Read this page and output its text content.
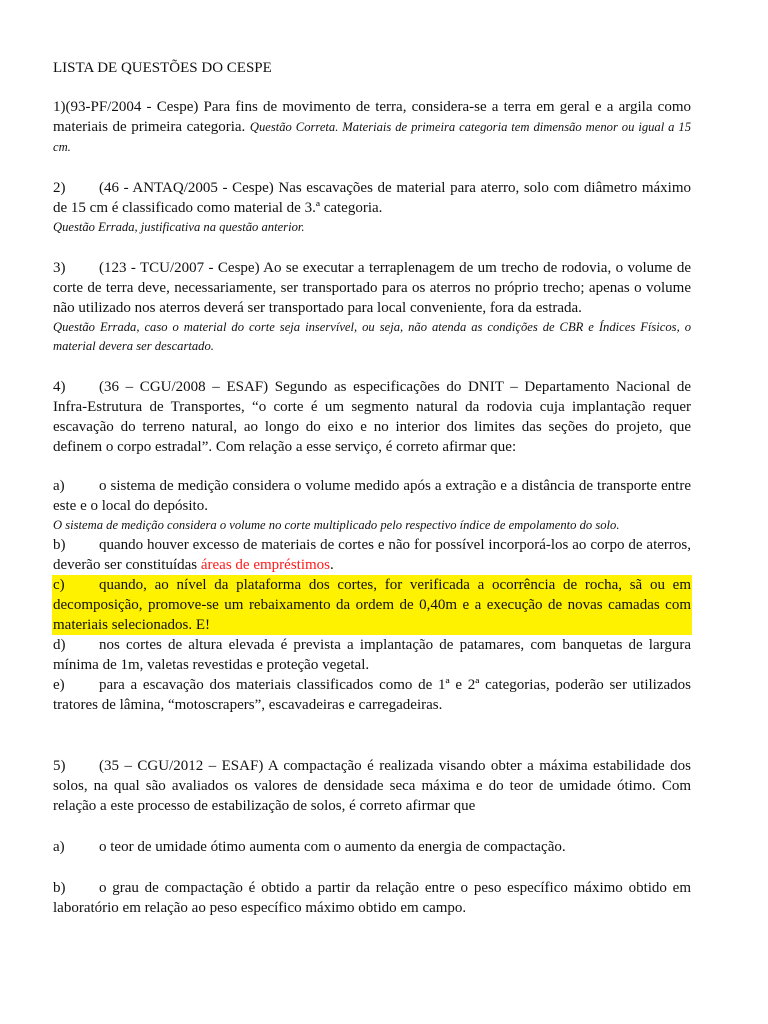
LISTA DE QUESTÕES DO CESPE

1)(93-PF/2004 - Cespe) Para fins de movimento de terra, considera-se a terra em geral e a argila como materiais de primeira categoria. Questão Correta. Materiais de primeira categoria tem dimensão menor ou igual a 15 cm.

2) (46 - ANTAQ/2005 - Cespe) Nas escavações de material para aterro, solo com diâmetro máximo de 15 cm é classificado como material de 3.ª categoria.

Questão Errada, justificativa na questão anterior.

3) (123 - TCU/2007 - Cespe) Ao se executar a terraplenagem de um trecho de rodovia, o volume de corte de terra deve, necessariamente, ser transportado para os aterros no próprio trecho; apenas o volume não utilizado nos aterros deverá ser transportado para local conveniente, fora da estrada.

Questão Errada, caso o material do corte seja inservível, ou seja, não atenda as condições de CBR e Índices Físicos, o material devera ser descartado.

4) (36 – CGU/2008 – ESAF) Segundo as especificações do DNIT – Departamento Nacional de Infra-Estrutura de Transportes, “o corte é um segmento natural da rodovia cuja implantação requer escavação do terreno natural, ao longo do eixo e no interior dos limites das seções do projeto, que definem o corpo estradal”. Com relação a esse serviço, é correto afirmar que:

a) o sistema de medição considera o volume medido após a extração e a distância de transporte entre este e o local do depósito.

O sistema de medição considera o volume no corte multiplicado pelo respectivo índice de empolamento do solo.

b) quando houver excesso de materiais de cortes e não for possível incorporá-los ao corpo de aterros, deverão ser constituídas áreas de empréstimos.

c) quando, ao nível da plataforma dos cortes, for verificada a ocorrência de rocha, sã ou em decomposição, promove-se um rebaixamento da ordem de 0,40m e a execução de novas camadas com materiais selecionados. E!

d) nos cortes de altura elevada é prevista a implantação de patamares, com banquetas de largura mínima de 1m, valetas revestidas e proteção vegetal.

e) para a escavação dos materiais classificados como de 1ª e 2ª categorias, poderão ser utilizados tratores de lâmina, “motoscrapers”, escavadeiras e carregadeiras.

5) (35 – CGU/2012 – ESAF) A compactação é realizada visando obter a máxima estabilidade dos solos, na qual são avaliados os valores de densidade seca máxima e do teor de umidade ótimo. Com relação a este processo de estabilização de solos, é correto afirmar que

a) o teor de umidade ótimo aumenta com o aumento da energia de compactação.

b) o grau de compactação é obtido a partir da relação entre o peso específico máximo obtido em laboratório em relação ao peso específico máximo obtido em campo.
